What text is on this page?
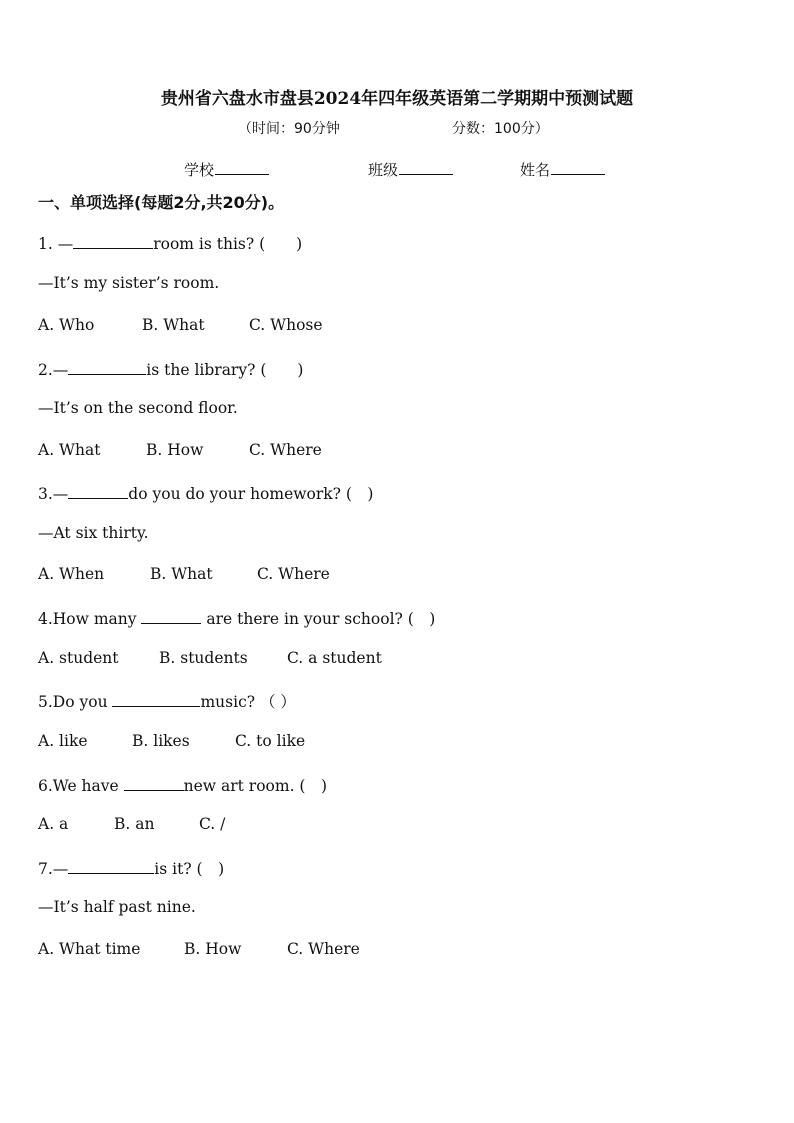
贵州省六盘水市盘县2024年四年级英语第二学期期中预测试题
（时间：90分钟	分数：100分）
学校	班级	姓名
一、单项选择(每题2分,共20分)。
1. —	room is this? (　　)
—It’s my sister’s room.
A. Who	B. What	C. Whose
2.—	is the library? (　　)
—It’s on the second floor.
A. What	B. How	C. Where
3.—	do you do your homework? (　)
—At six thirty.
A. When	B. What	C. Where
4.How many	are there in your school? (　)
A. student	B. students	C. a student
5.Do you	music? （ ）
A. like	B. likes	C. to like
6.We have	new art room. (　)
A. a	B. an	C. /
7.—	is it? (　)
—It’s half past nine.
A. What time	B. How	C. Where
